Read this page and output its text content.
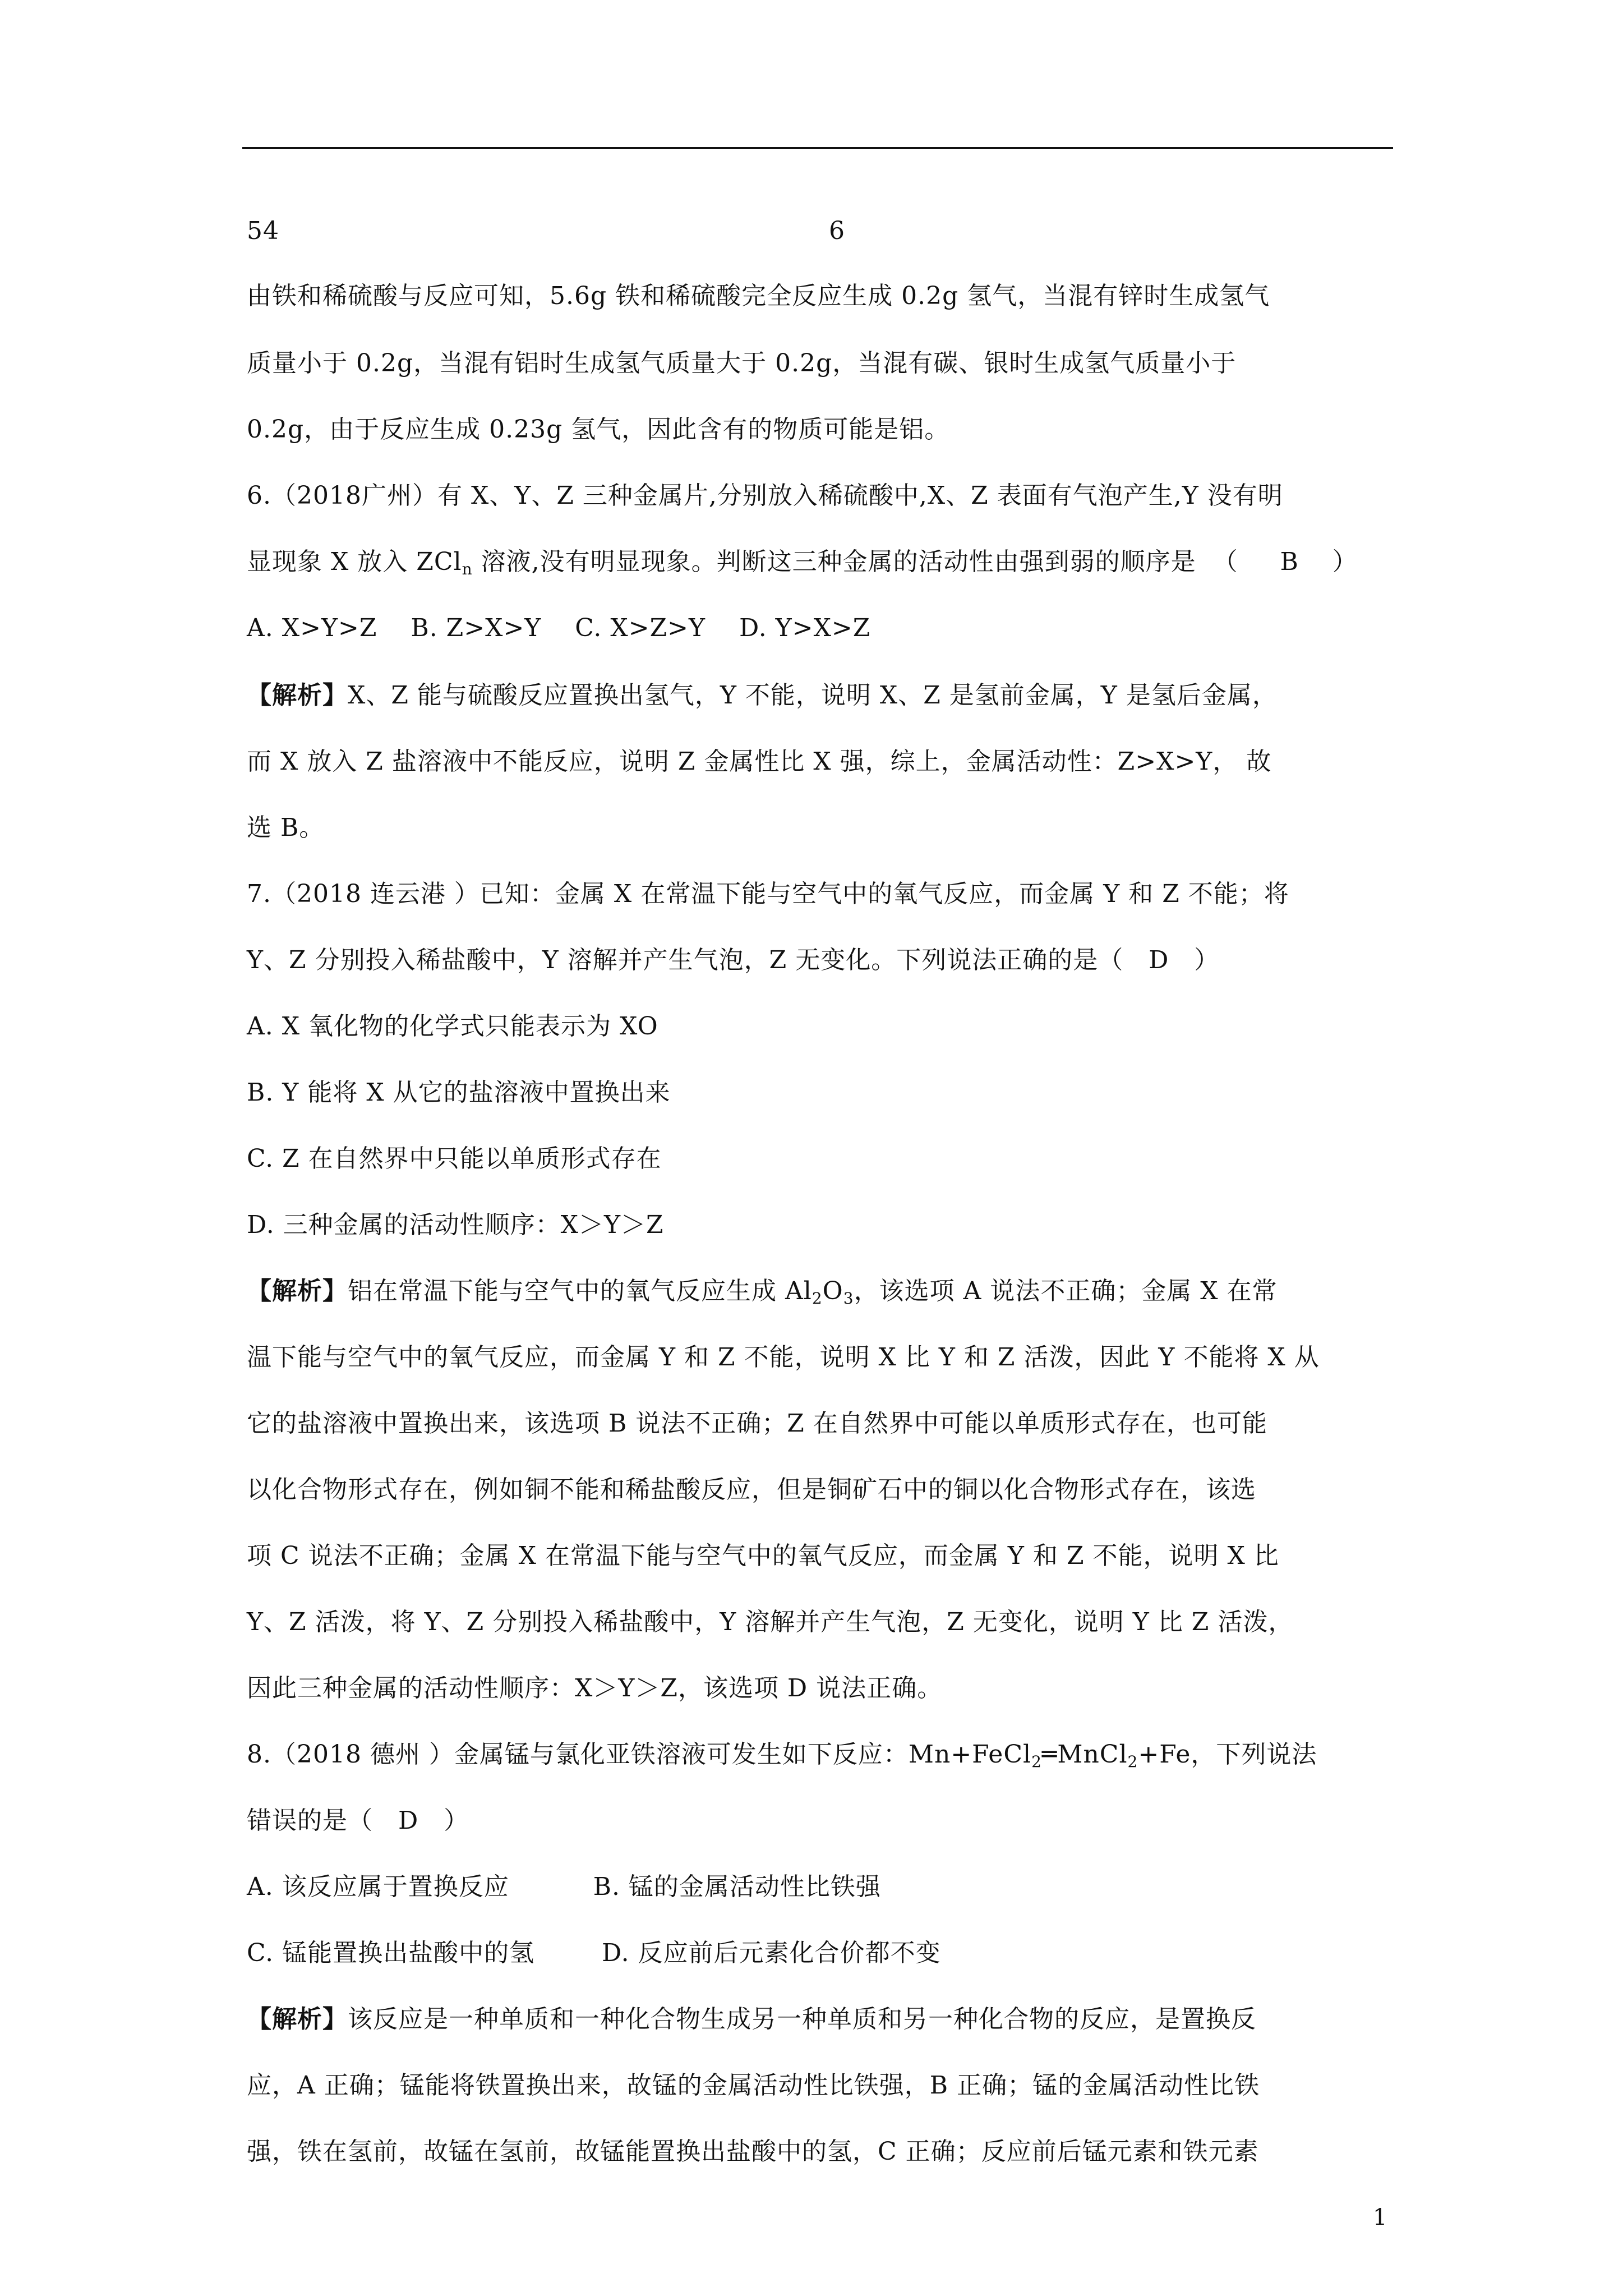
54	6
由铁和稀硫酸与反应可知，5.6g 铁和稀硫酸完全反应生成 0.2g 氢气，当混有锌时生成氢气
质量小于 0.2g，当混有铝时生成氢气质量大于 0.2g，当混有碳、银时生成氢气质量小于
0.2g，由于反应生成 0.23g 氢气，因此含有的物质可能是铝。
6.（2018广州）有 X、Y、Z 三种金属片,分别放入稀硫酸中,X、Z 表面有气泡产生,Y 没有明
显现象 X 放入 ZCl$_n$ 溶液,没有明显现象。判断这三种金属的活动性由强到弱的顺序是  （     B    ）
A. X>Y>Z    B. Z>X>Y    C. X>Z>Y    D. Y>X>Z
【解析】X、Z 能与硫酸反应置换出氢气，Y 不能，说明 X、Z 是氢前金属，Y 是氢后金属，
而 X 放入 Z 盐溶液中不能反应，说明 Z 金属性比 X 强，综上，金属活动性：Z>X>Y， 故
选 B。
7.（2018 连云港 ）已知：金属 X 在常温下能与空气中的氧气反应，而金属 Y 和 Z 不能；将
Y、Z 分别投入稀盐酸中，Y 溶解并产生气泡，Z 无变化。下列说法正确的是（   D   ）
A. X 氧化物的化学式只能表示为 XO
B. Y 能将 X 从它的盐溶液中置换出来
C. Z 在自然界中只能以单质形式存在
D. 三种金属的活动性顺序：X＞Y＞Z
【解析】铝在常温下能与空气中的氧气反应生成 $Al_2O_3$，该选项 A 说法不正确；金属 X 在常
温下能与空气中的氧气反应，而金属 Y 和 Z 不能，说明 X 比 Y 和 Z 活泼，因此 Y 不能将 X 从
它的盐溶液中置换出来，该选项 B 说法不正确；Z 在自然界中可能以单质形式存在，也可能
以化合物形式存在，例如铜不能和稀盐酸反应，但是铜矿石中的铜以化合物形式存在，该选
项 C 说法不正确；金属 X 在常温下能与空气中的氧气反应，而金属 Y 和 Z 不能，说明 X 比
Y、Z 活泼，将 Y、Z 分别投入稀盐酸中，Y 溶解并产生气泡，Z 无变化，说明 Y 比 Z 活泼，
因此三种金属的活动性顺序：X＞Y＞Z，该选项 D 说法正确。
8.（2018 德州 ）金属锰与氯化亚铁溶液可发生如下反应：Mn+FeCl$_2$═MnCl$_2$+Fe，下列说法
错误的是（   D   ）
A. 该反应属于置换反应          B. 锰的金属活动性比铁强
C. 锰能置换出盐酸中的氢        D. 反应前后元素化合价都不变
【解析】该反应是一种单质和一种化合物生成另一种单质和另一种化合物的反应，是置换反
应，A 正确；锰能将铁置换出来，故锰的金属活动性比铁强，B 正确；锰的金属活动性比铁
强，铁在氢前，故锰在氢前，故锰能置换出盐酸中的氢，C 正确；反应前后锰元素和铁元素
1
